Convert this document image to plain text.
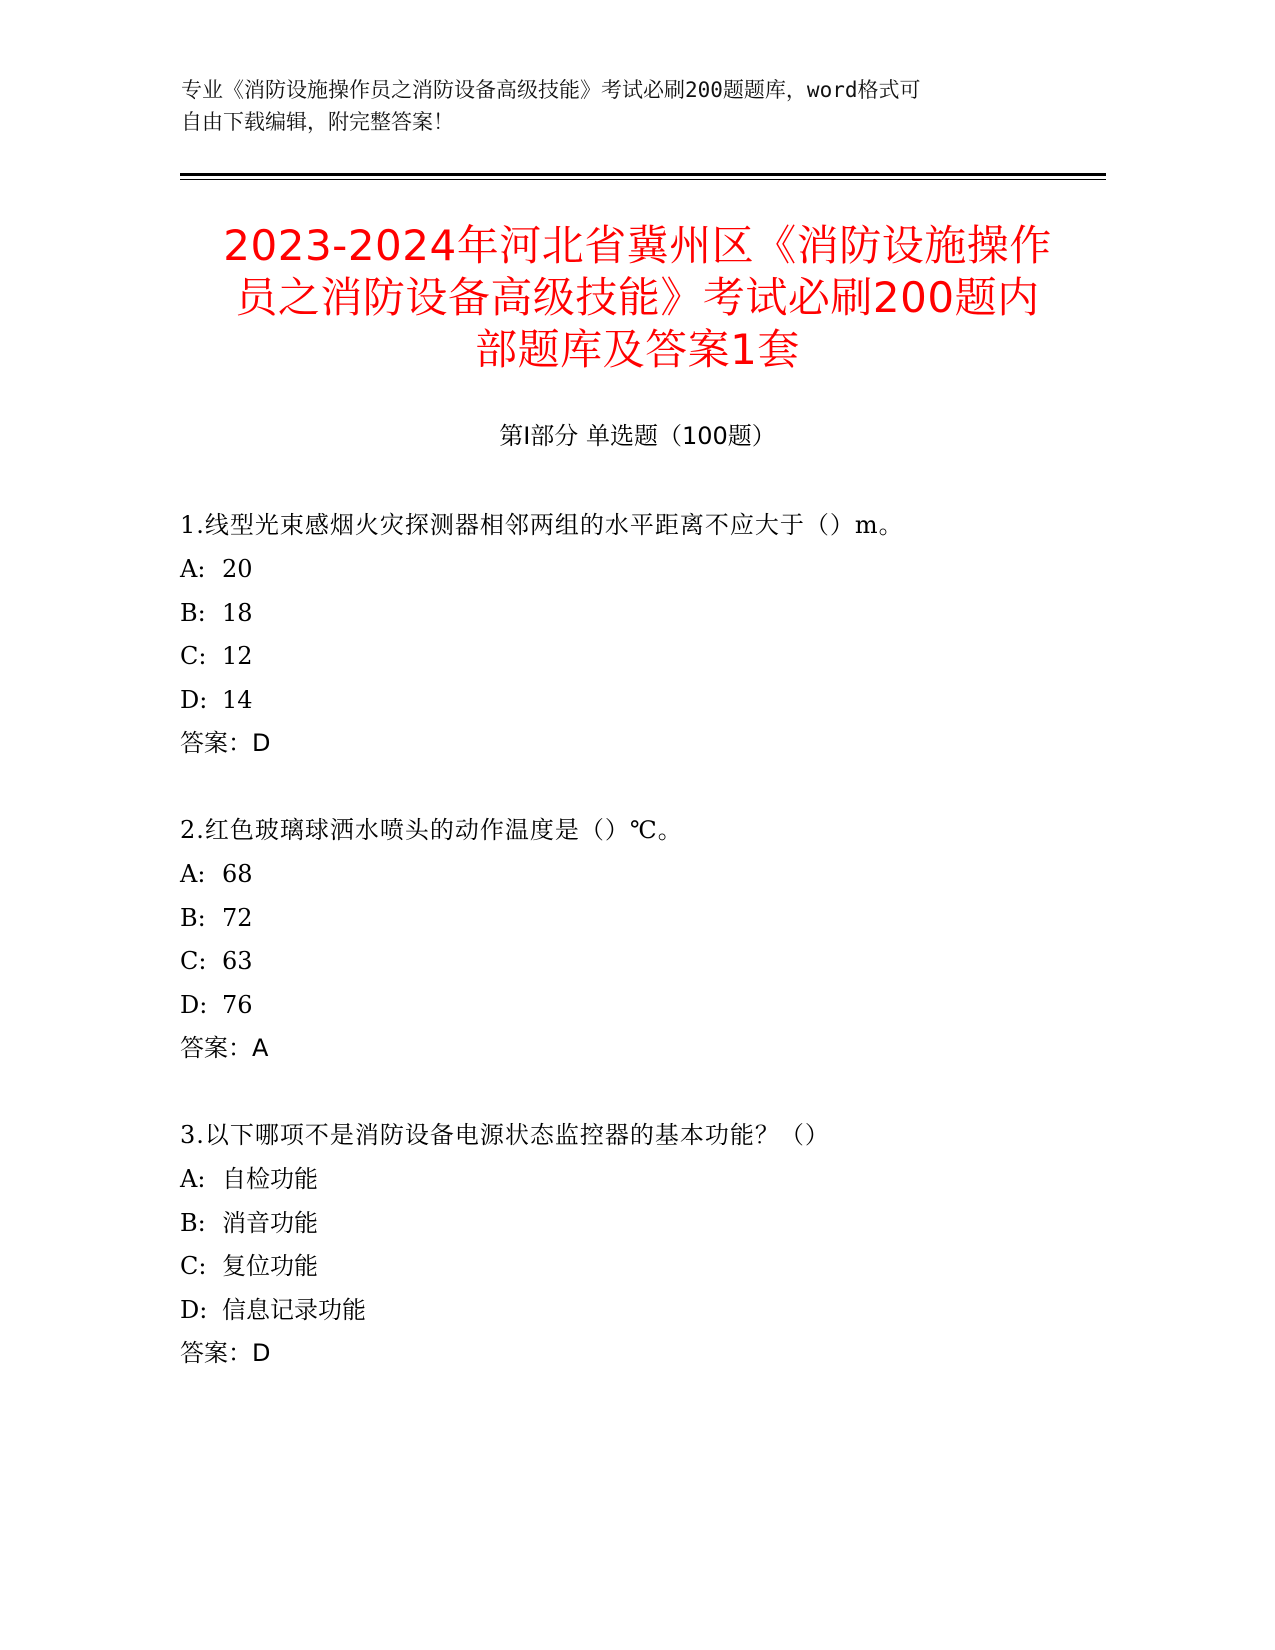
专业《消防设施操作员之消防设备高级技能》考试必刷200题题库，word格式可
自由下载编辑，附完整答案！
2023-2024年河北省冀州区《消防设施操作
员之消防设备高级技能》考试必刷200题内
部题库及答案1套
第I部分 单选题（100题）
1.线型光束感烟火灾探测器相邻两组的水平距离不应大于（）m。
A: 20
B: 18
C: 12
D: 14
答案：D
2.红色玻璃球洒水喷头的动作温度是（）℃。
A: 68
B: 72
C: 63
D: 76
答案：A
3.以下哪项不是消防设备电源状态监控器的基本功能？（）
A: 自检功能
B: 消音功能
C: 复位功能
D: 信息记录功能
答案：D
